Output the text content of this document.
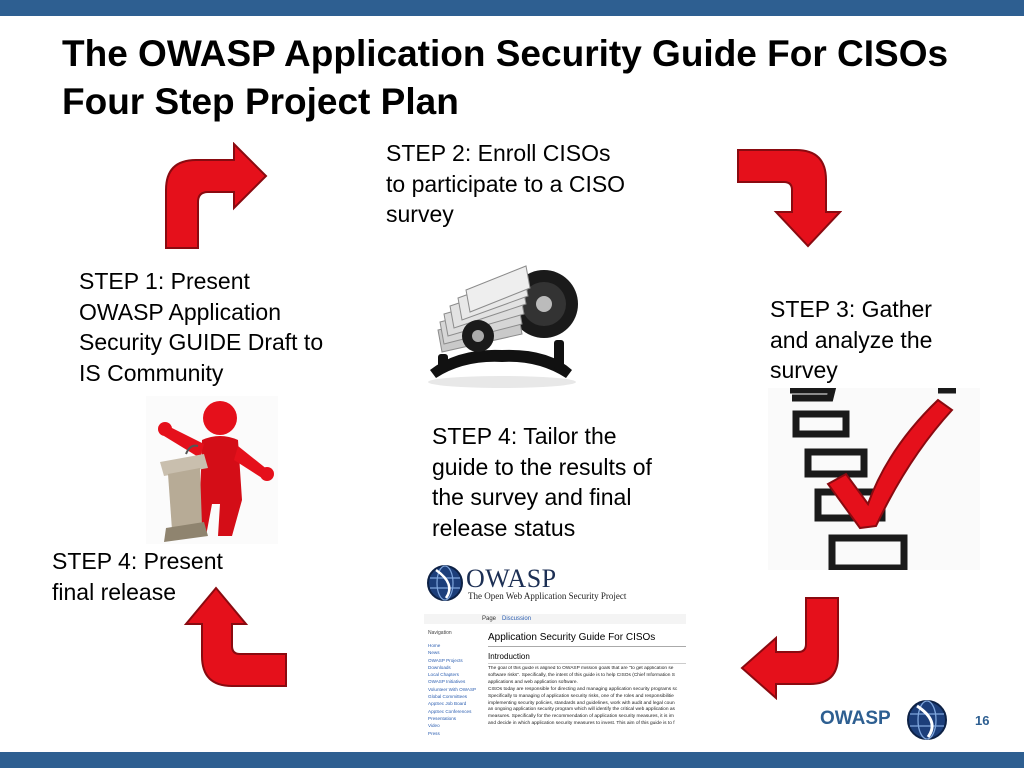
The OWASP Application Security Guide For CISOs Four Step Project Plan
STEP 2: Enroll CISOs to participate to a CISO survey
STEP 1: Present OWASP Application Security GUIDE Draft to IS Community
STEP 3: Gather and analyze the survey
STEP 4: Tailor the guide to the results of the survey and final release status
STEP 4: Present final release	OWASP
The Open Web Application Security Project
Page Discussion
Navigation
Home
News
OWASP Projects
Downloads
Local Chapters
OWASP Initiatives
Volunteer With OWASP
Global Committees
AppSec Job Board
AppSec Conferences
Presentations
Video
Press
Application Security Guide For CISOs
Introduction
The goal of this guide is aligned to OWASP mission goals that are "to get application se
software risks". Specifically, the intent of this guide is to help CISOs (Chief Information S
applications and web application software.
CISOs today are responsible for directing and managing application security programs sc
Specifically to managing of application security risks, one of the roles and responsibilitie
implementing security policies, standards and guidelines, work with audit and legal coun
an ongoing application security program which will identify the critical web application as
measures. Specifically for the recommendation of application security measures, it is im
and decide in which application security measures to invest. This aim of this guide is to f	OWASP	16
